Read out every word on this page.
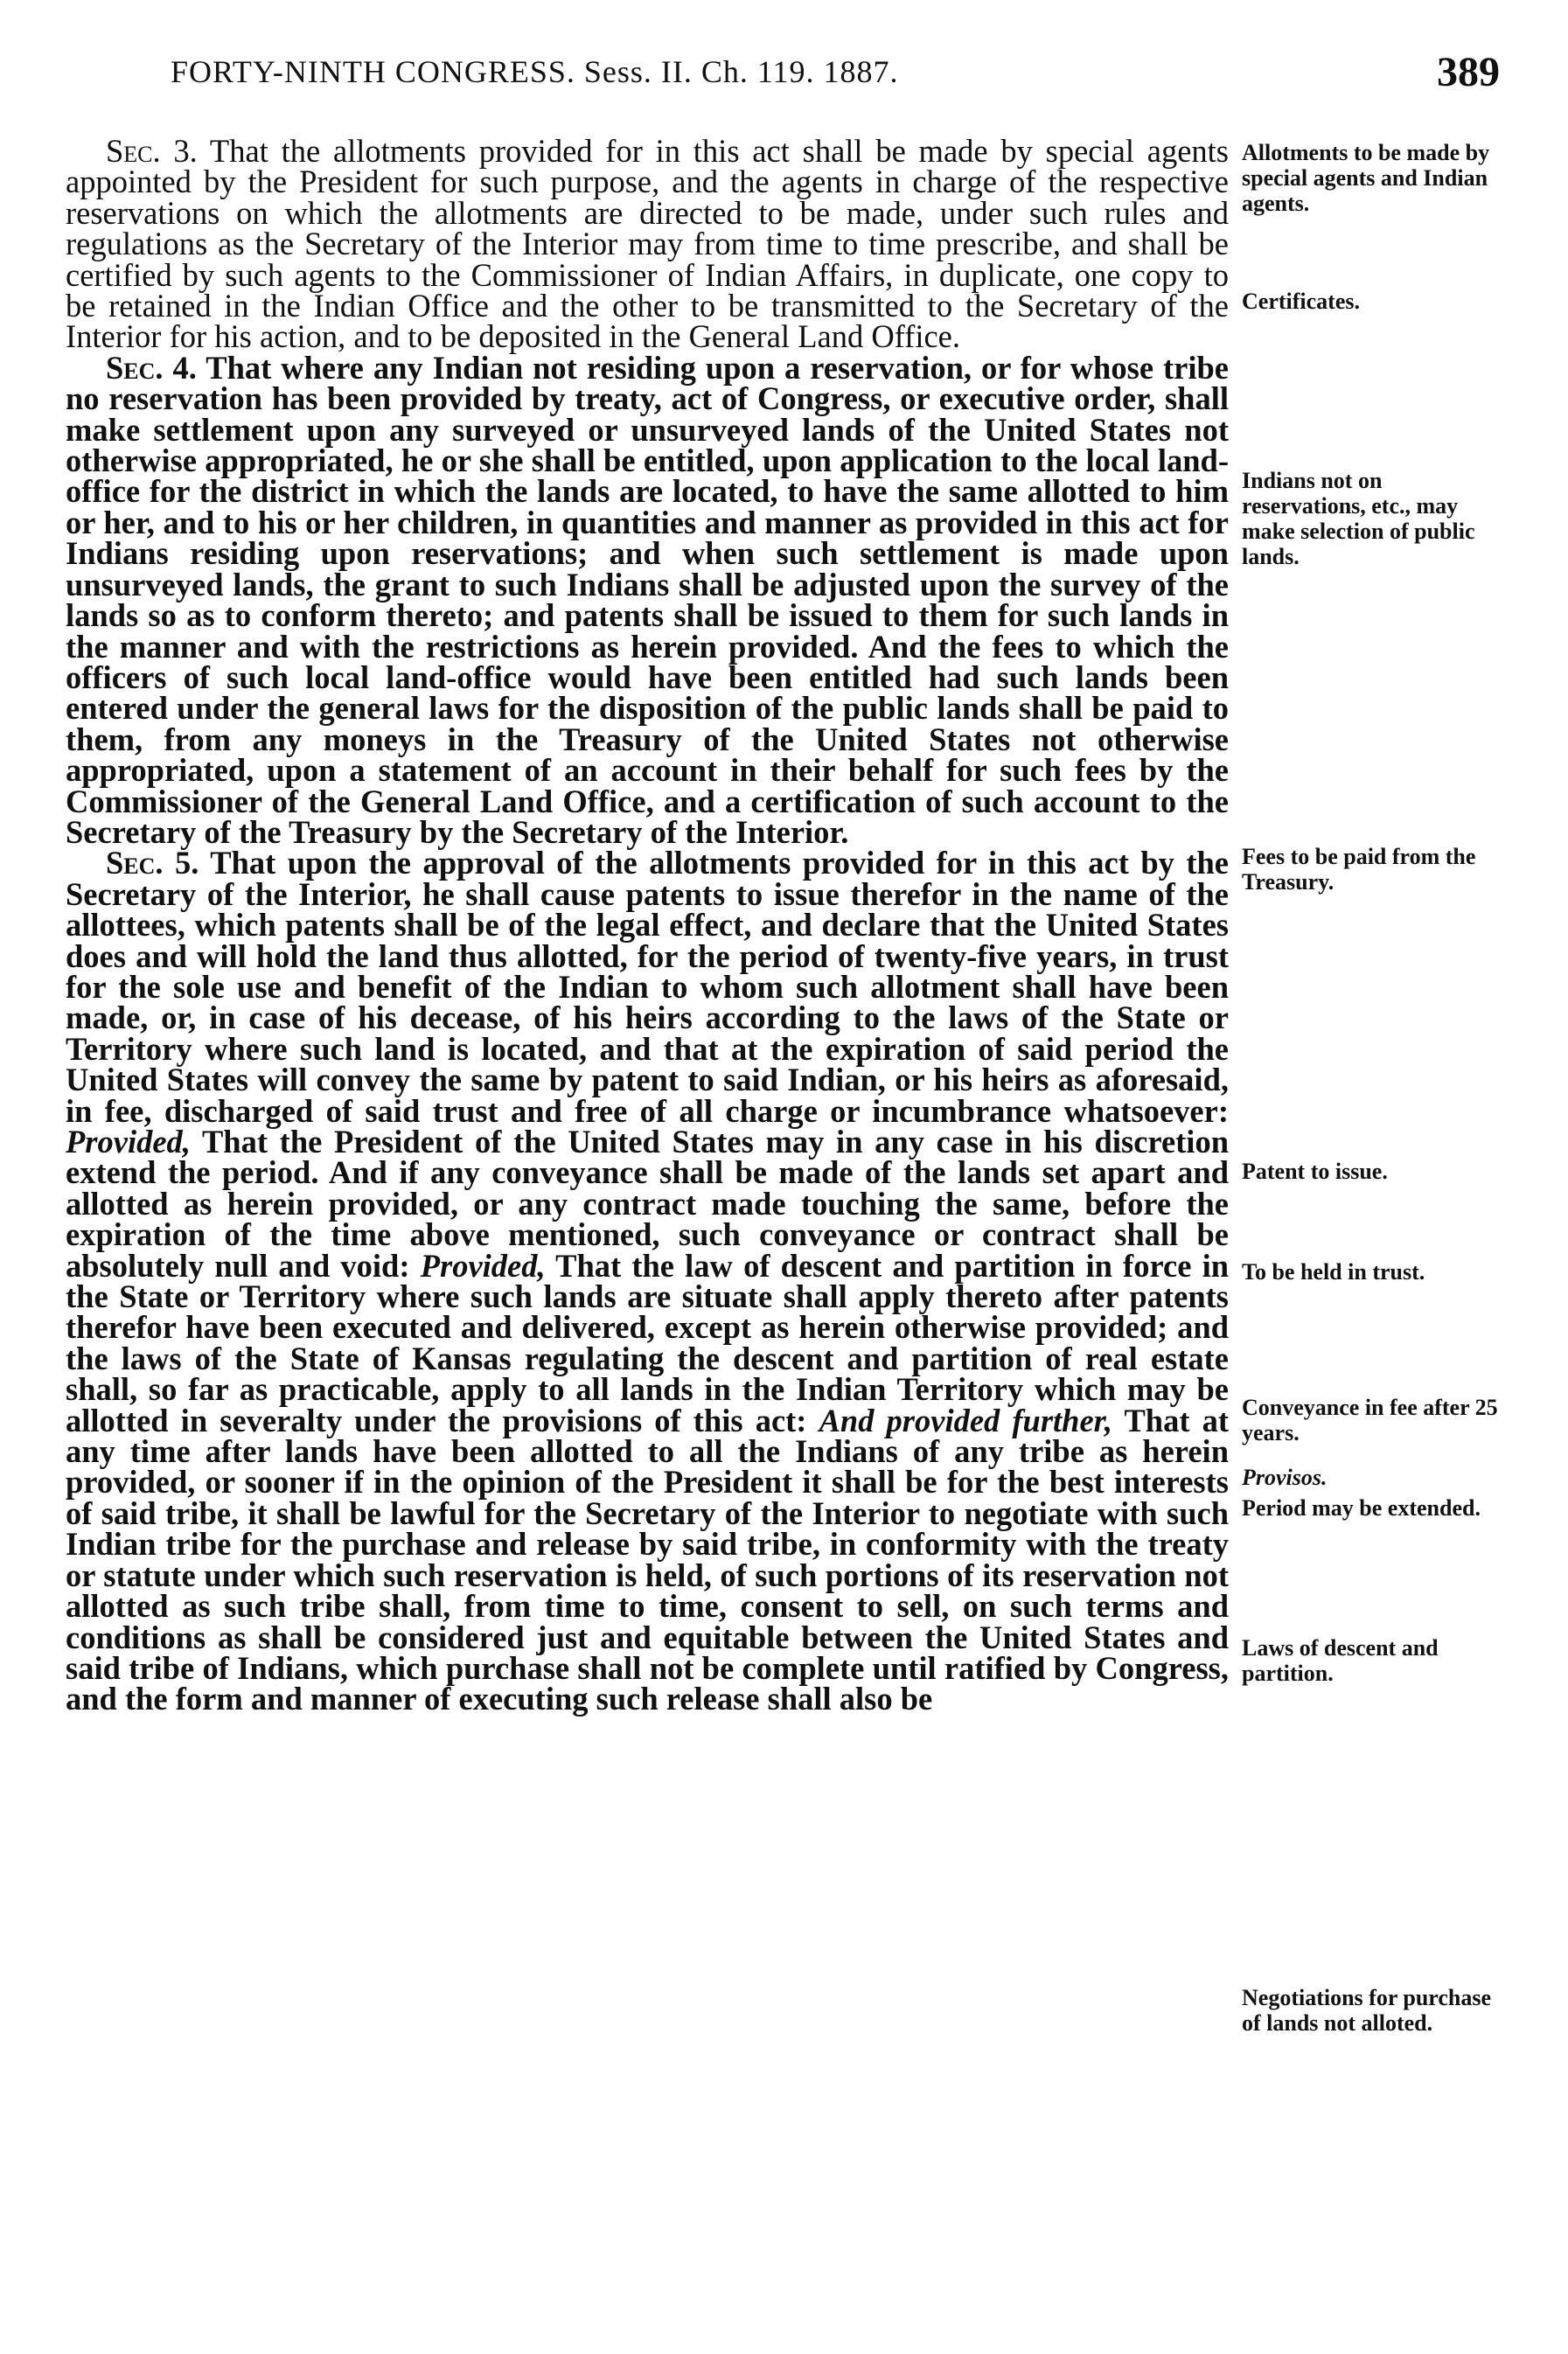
FORTY-NINTH CONGRESS. Sess. II. Ch. 119. 1887.	389

Sec. 3. That the allotments provided for in this act shall be made by special agents appointed by the President for such purpose, and the agents in charge of the respective reservations on which the allotments are directed to be made, under such rules and regulations as the Secretary of the Interior may from time to time prescribe, and shall be certified by such agents to the Commissioner of Indian Affairs, in duplicate, one copy to be retained in the Indian Office and the other to be transmitted to the Secretary of the Interior for his action, and to be deposited in the General Land Office.

Sec. 4. That where any Indian not residing upon a reservation, or for whose tribe no reservation has been provided by treaty, act of Congress, or executive order, shall make settlement upon any surveyed or unsurveyed lands of the United States not otherwise appropriated, he or she shall be entitled, upon application to the local land-office for the district in which the lands are located, to have the same allotted to him or her, and to his or her children, in quantities and manner as provided in this act for Indians residing upon reservations; and when such settlement is made upon unsurveyed lands, the grant to such Indians shall be adjusted upon the survey of the lands so as to conform thereto; and patents shall be issued to them for such lands in the manner and with the restrictions as herein provided. And the fees to which the officers of such local land-office would have been entitled had such lands been entered under the general laws for the disposition of the public lands shall be paid to them, from any moneys in the Treasury of the United States not otherwise appropriated, upon a statement of an account in their behalf for such fees by the Commissioner of the General Land Office, and a certification of such account to the Secretary of the Treasury by the Secretary of the Interior.

Sec. 5. That upon the approval of the allotments provided for in this act by the Secretary of the Interior, he shall cause patents to issue therefor in the name of the allottees, which patents shall be of the legal effect, and declare that the United States does and will hold the land thus allotted, for the period of twenty-five years, in trust for the sole use and benefit of the Indian to whom such allotment shall have been made, or, in case of his decease, of his heirs according to the laws of the State or Territory where such land is located, and that at the expiration of said period the United States will convey the same by patent to said Indian, or his heirs as aforesaid, in fee, discharged of said trust and free of all charge or incumbrance whatsoever: Provided, That the President of the United States may in any case in his discretion extend the period. And if any conveyance shall be made of the lands set apart and allotted as herein provided, or any contract made touching the same, before the expiration of the time above mentioned, such conveyance or contract shall be absolutely null and void: Provided, That the law of descent and partition in force in the State or Territory where such lands are situate shall apply thereto after patents therefor have been executed and delivered, except as herein otherwise provided; and the laws of the State of Kansas regulating the descent and partition of real estate shall, so far as practicable, apply to all lands in the Indian Territory which may be allotted in severalty under the provisions of this act: And provided further, That at any time after lands have been allotted to all the Indians of any tribe as herein provided, or sooner if in the opinion of the President it shall be for the best interests of said tribe, it shall be lawful for the Secretary of the Interior to negotiate with such Indian tribe for the purchase and release by said tribe, in conformity with the treaty or statute under which such reservation is held, of such portions of its reservation not allotted as such tribe shall, from time to time, consent to sell, on such terms and conditions as shall be considered just and equitable between the United States and said tribe of Indians, which purchase shall not be complete until ratified by Congress, and the form and manner of executing such release shall also be

Allotments to be made by special agents and Indian agents.
Certificates.
Indians not on reservations, etc., may make selection of public lands.
Fees to be paid from the Treasury.
Patent to issue.
To be held in trust.
Conveyance in fee after 25 years.
Provisos.
Period may be extended.
Laws of descent and partition.
Negotiations for purchase of lands not alloted.
